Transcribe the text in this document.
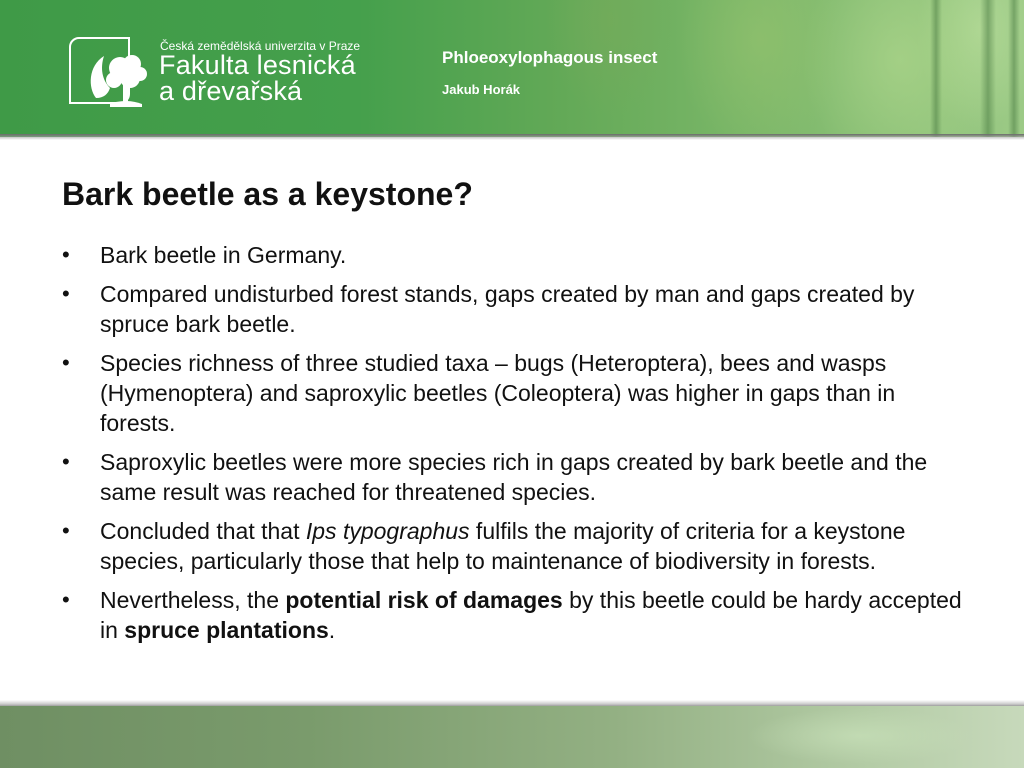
Česká zemědělská univerzita v Praze
Fakulta lesnická
a dřevařská
Phloeoxylophagous insect
Jakub Horák
Bark beetle as a keystone?
• Bark beetle in Germany.
• Compared undisturbed forest stands, gaps created by man and gaps created by spruce bark beetle.
• Species richness of three studied taxa – bugs (Heteroptera), bees and wasps (Hymenoptera) and saproxylic beetles (Coleoptera) was higher in gaps than in forests.
• Saproxylic beetles were more species rich in gaps created by bark beetle and the same result was reached for threatened species.
• Concluded that that Ips typographus fulfils the majority of criteria for a keystone species, particularly those that help to maintenance of biodiversity in forests.
• Nevertheless, the potential risk of damages by this beetle could be hardy accepted in spruce plantations.
